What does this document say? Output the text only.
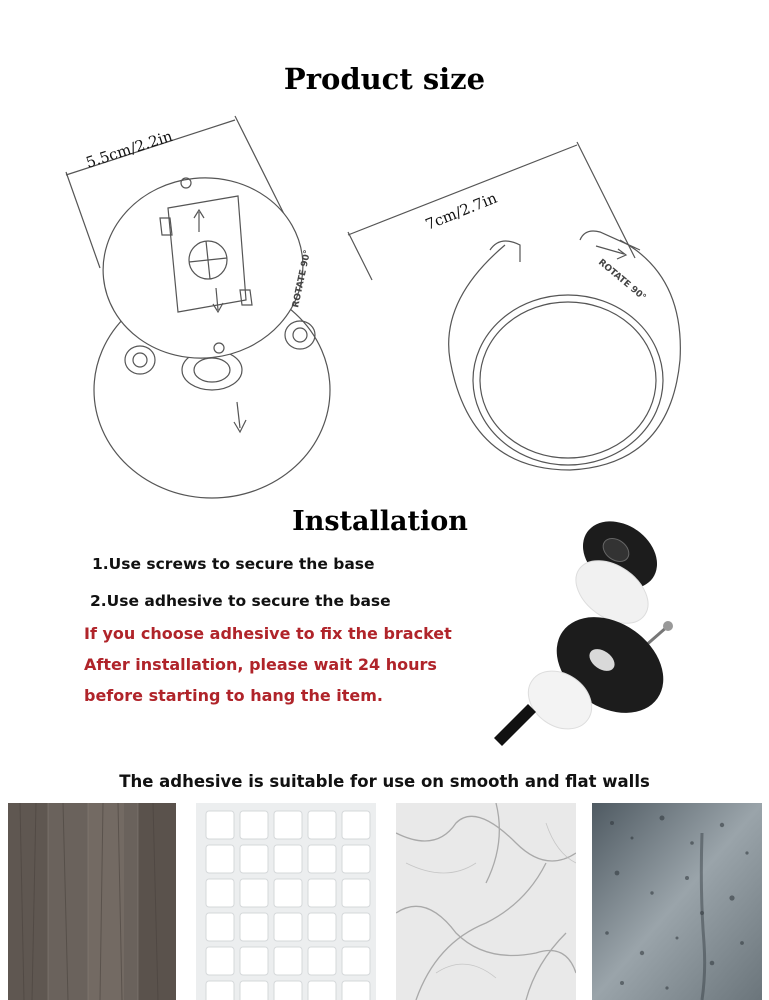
Product size
5.5cm/2.2in
7cm/2.7in
ROTATE 90°
ROTATE 90°
Installation
1.Use screws to secure the base
2.Use adhesive to secure the base
If you choose adhesive to fix the bracket
After installation, please wait 24 hours
before starting to hang the item.
The adhesive is suitable for use on smooth and flat walls
